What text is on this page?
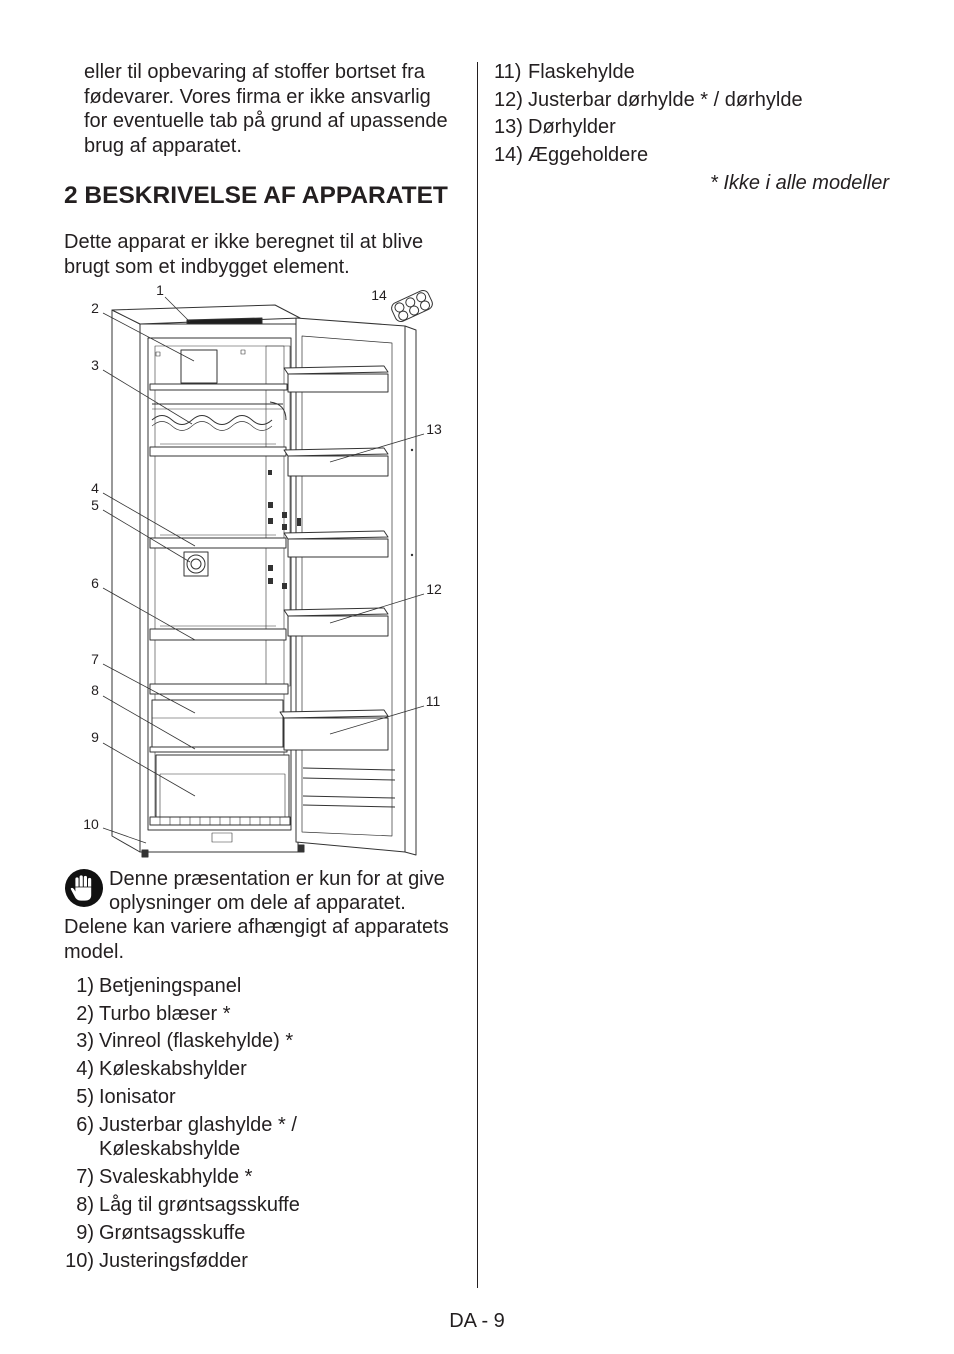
eller til opbevaring af stoffer bortset fra
fødevarer. Vores firma er ikke ansvarlig
for eventuelle tab på grund af upassende
brug af apparatet.
2 BESKRIVELSE AF APPARATET
Dette apparat er ikke beregnet til at blive
brugt som et indbygget element.
1
2
3
4
5
6
7
8
9
10
11
12
13
14
Denne præsentation er kun for at give
oplysninger om dele af apparatet.
Delene kan variere afhængigt af apparatets
model.
1) Betjeningspanel
2) Turbo blæser *
3) Vinreol (flaskehylde) *
4) Køleskabshylder
5) Ionisator
6) Justerbar glashylde * /
Køleskabshylde
7) Svaleskabhylde *
8) Låg til grøntsagsskuffe
9) Grøntsagsskuffe
10) Justeringsfødder
11) Flaskehylde
12) Justerbar dørhylde * / dørhylde
13) Dørhylder
14) Æggeholdere
* Ikke i alle modeller
DA - 9
